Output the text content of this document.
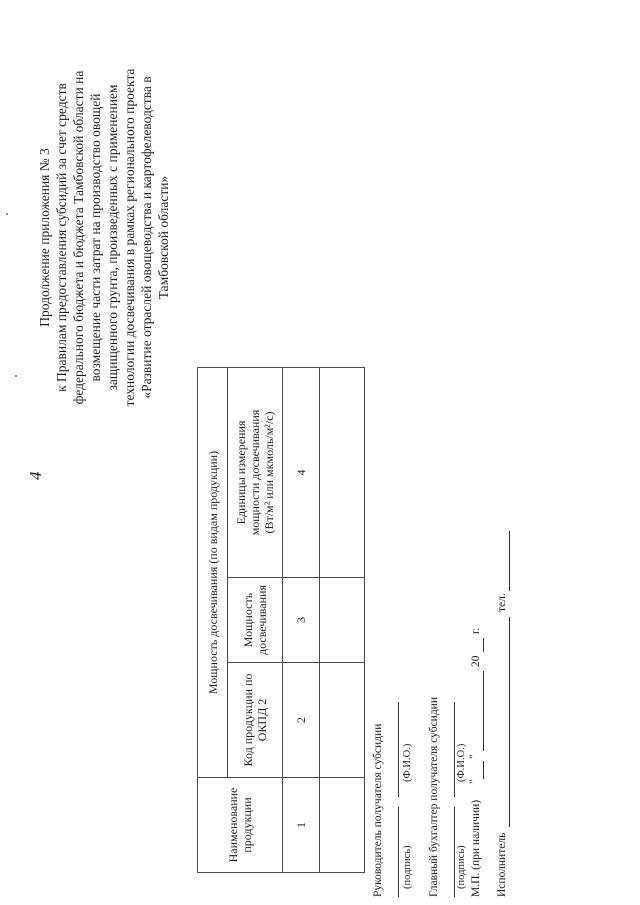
4
Продолжение приложения № 3 к Правилам предоставления субсидий за счет средств федерального бюджета и бюджета Тамбовской области на возмещение части затрат на производство овощей защищенного грунта, произведенных с применением технологии досвечивания в рамках регионального проекта «Развитие отраслей овощеводства и картофелеводства в Тамбовской области»
Наименование продукции	Мощность досвечивания (по видам продукции)		
	Код продукции по ОКПД 2	Мощность досвечивания	Единицы измерения мощности досвечивания (Вт/м² или мкмоль/м²/с)

1	2	3	4

Руководитель получателя субсидии (подпись)
(Ф.И.О.) Главный бухгалтер получателя субсидии (подпись)
(Ф.И.О.)
М.П. (при наличии)
"
"
20
г.
Исполнитель
тел.
